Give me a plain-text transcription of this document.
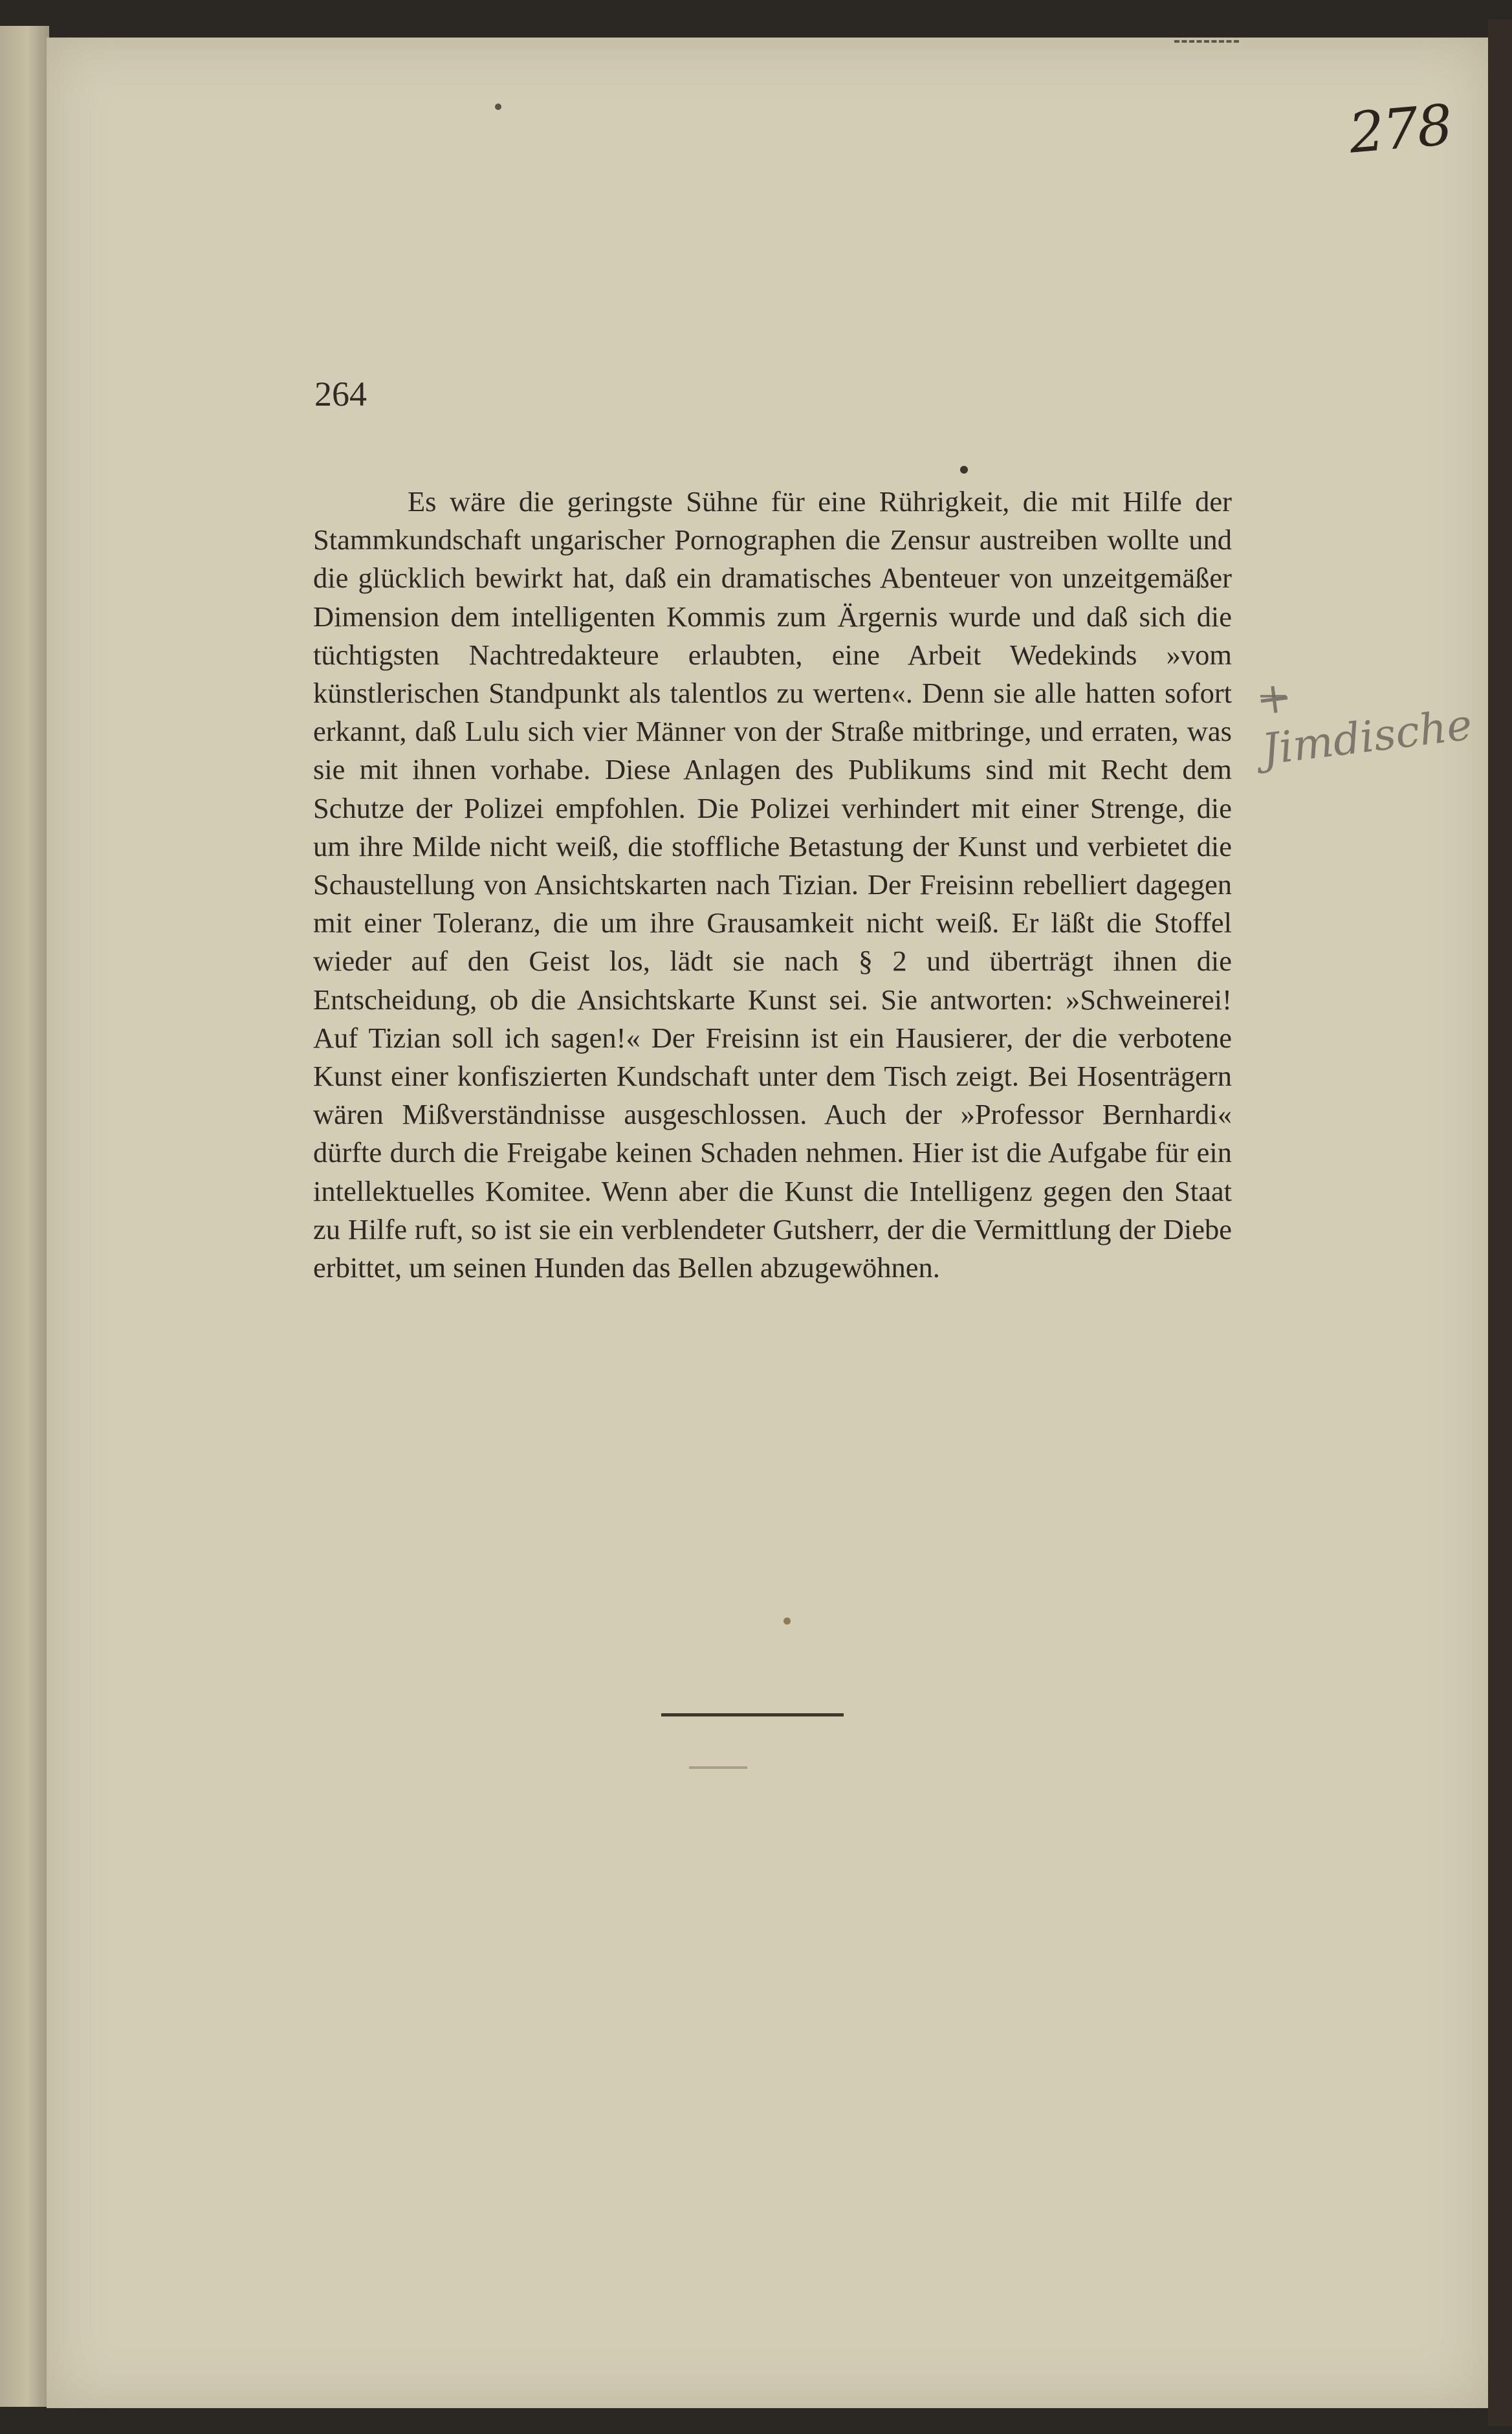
278
264

Es wäre die geringste Sühne für eine Rührigkeit, die mit Hilfe der Stammkundschaft ungarischer Pornographen die Zensur austreiben wollte und die glücklich bewirkt hat, daß ein dramatisches Abenteuer von unzeitgemäßer Dimension dem intelligenten Kommis zum Ärgernis wurde und daß sich die tüchtigsten Nachtredakteure erlaubten, eine Arbeit Wedekinds »vom künstlerischen Standpunkt als talentlos zu werten«. Denn sie alle hatten sofort erkannt, daß Lulu sich vier Männer von der Straße mitbringe, und erraten, was sie mit ihnen vorhabe. Diese Anlagen des Publikums sind mit Recht dem Schutze der Polizei empfohlen. Die Polizei verhindert mit einer Strenge, die um ihre Milde nicht weiß, die stoffliche Betastung der Kunst und verbietet die Schaustellung von Ansichtskarten nach Tizian. Der Freisinn rebelliert dagegen mit einer Toleranz, die um ihre Grausamkeit nicht weiß. Er läßt die Stoffel wieder auf den Geist los, lädt sie nach § 2 und überträgt ihnen die Entscheidung, ob die Ansichtskarte Kunst sei. Sie antworten: »Schweinerei! Auf Tizian soll ich sagen!« Der Freisinn ist ein Hausierer, der die verbotene Kunst einer konfiszierten Kundschaft unter dem Tisch zeigt. Bei Hosenträgern wären Mißverständnisse ausgeschlossen. Auch der »Professor Bernhardi« dürfte durch die Freigabe keinen Schaden nehmen. Hier ist die Aufgabe für ein intellektuelles Komitee. Wenn aber die Kunst die Intelligenz gegen den Staat zu Hilfe ruft, so ist sie ein verblendeter Gutsherr, der die Vermittlung der Diebe erbittet, um seinen Hunden das Bellen abzugewöhnen.

+ Jimdische
